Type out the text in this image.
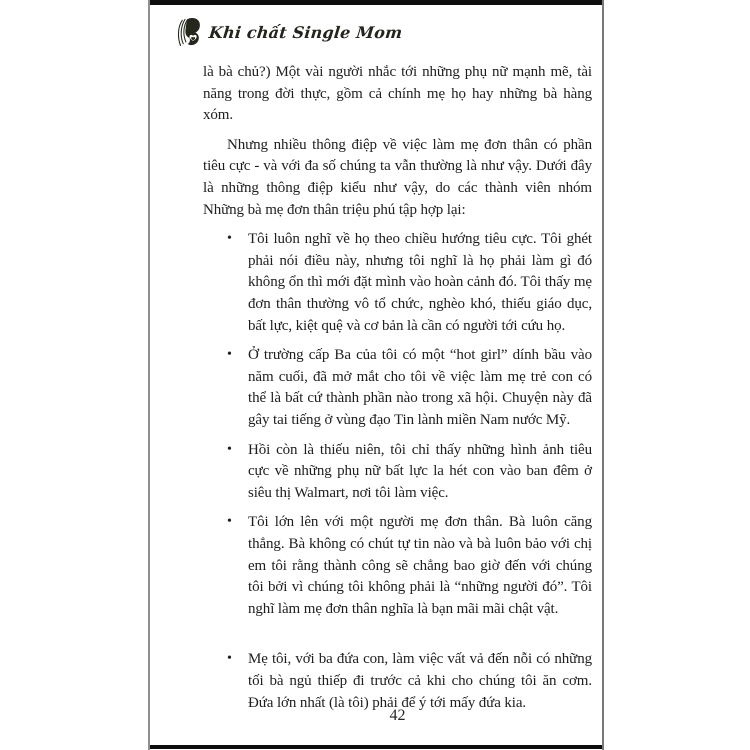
Khi chất Single Mom

là bà chủ?) Một vài người nhắc tới những phụ nữ mạnh mẽ, tài năng trong đời thực, gồm cả chính mẹ họ hay những bà hàng xóm.

Nhưng nhiều thông điệp về việc làm mẹ đơn thân có phần tiêu cực - và với đa số chúng ta vẫn thường là như vậy. Dưới đây là những thông điệp kiểu như vậy, do các thành viên nhóm Những bà mẹ đơn thân triệu phú tập hợp lại:

• Tôi luôn nghĩ về họ theo chiều hướng tiêu cực. Tôi ghét phải nói điều này, nhưng tôi nghĩ là họ phải làm gì đó không ổn thì mới đặt mình vào hoàn cảnh đó. Tôi thấy mẹ đơn thân thường vô tổ chức, nghèo khó, thiếu giáo dục, bất lực, kiệt quệ và cơ bản là cần có người tới cứu họ.
• Ở trường cấp Ba của tôi có một “hot girl” dính bầu vào năm cuối, đã mở mắt cho tôi về việc làm mẹ trẻ con có thể là bất cứ thành phần nào trong xã hội. Chuyện này đã gây tai tiếng ở vùng đạo Tin lành miền Nam nước Mỹ.
• Hồi còn là thiếu niên, tôi chỉ thấy những hình ảnh tiêu cực về những phụ nữ bất lực la hét con vào ban đêm ở siêu thị Walmart, nơi tôi làm việc.
• Tôi lớn lên với một người mẹ đơn thân. Bà luôn căng thẳng. Bà không có chút tự tin nào và bà luôn bảo với chị em tôi rằng thành công sẽ chẳng bao giờ đến với chúng tôi bởi vì chúng tôi không phải là “những người đó”. Tôi nghĩ làm mẹ đơn thân nghĩa là bạn mãi mãi chật vật.
• Mẹ tôi, với ba đứa con, làm việc vất vả đến nỗi có những tối bà ngủ thiếp đi trước cả khi cho chúng tôi ăn cơm. Đứa lớn nhất (là tôi) phải để ý tới mấy đứa kia.
42
